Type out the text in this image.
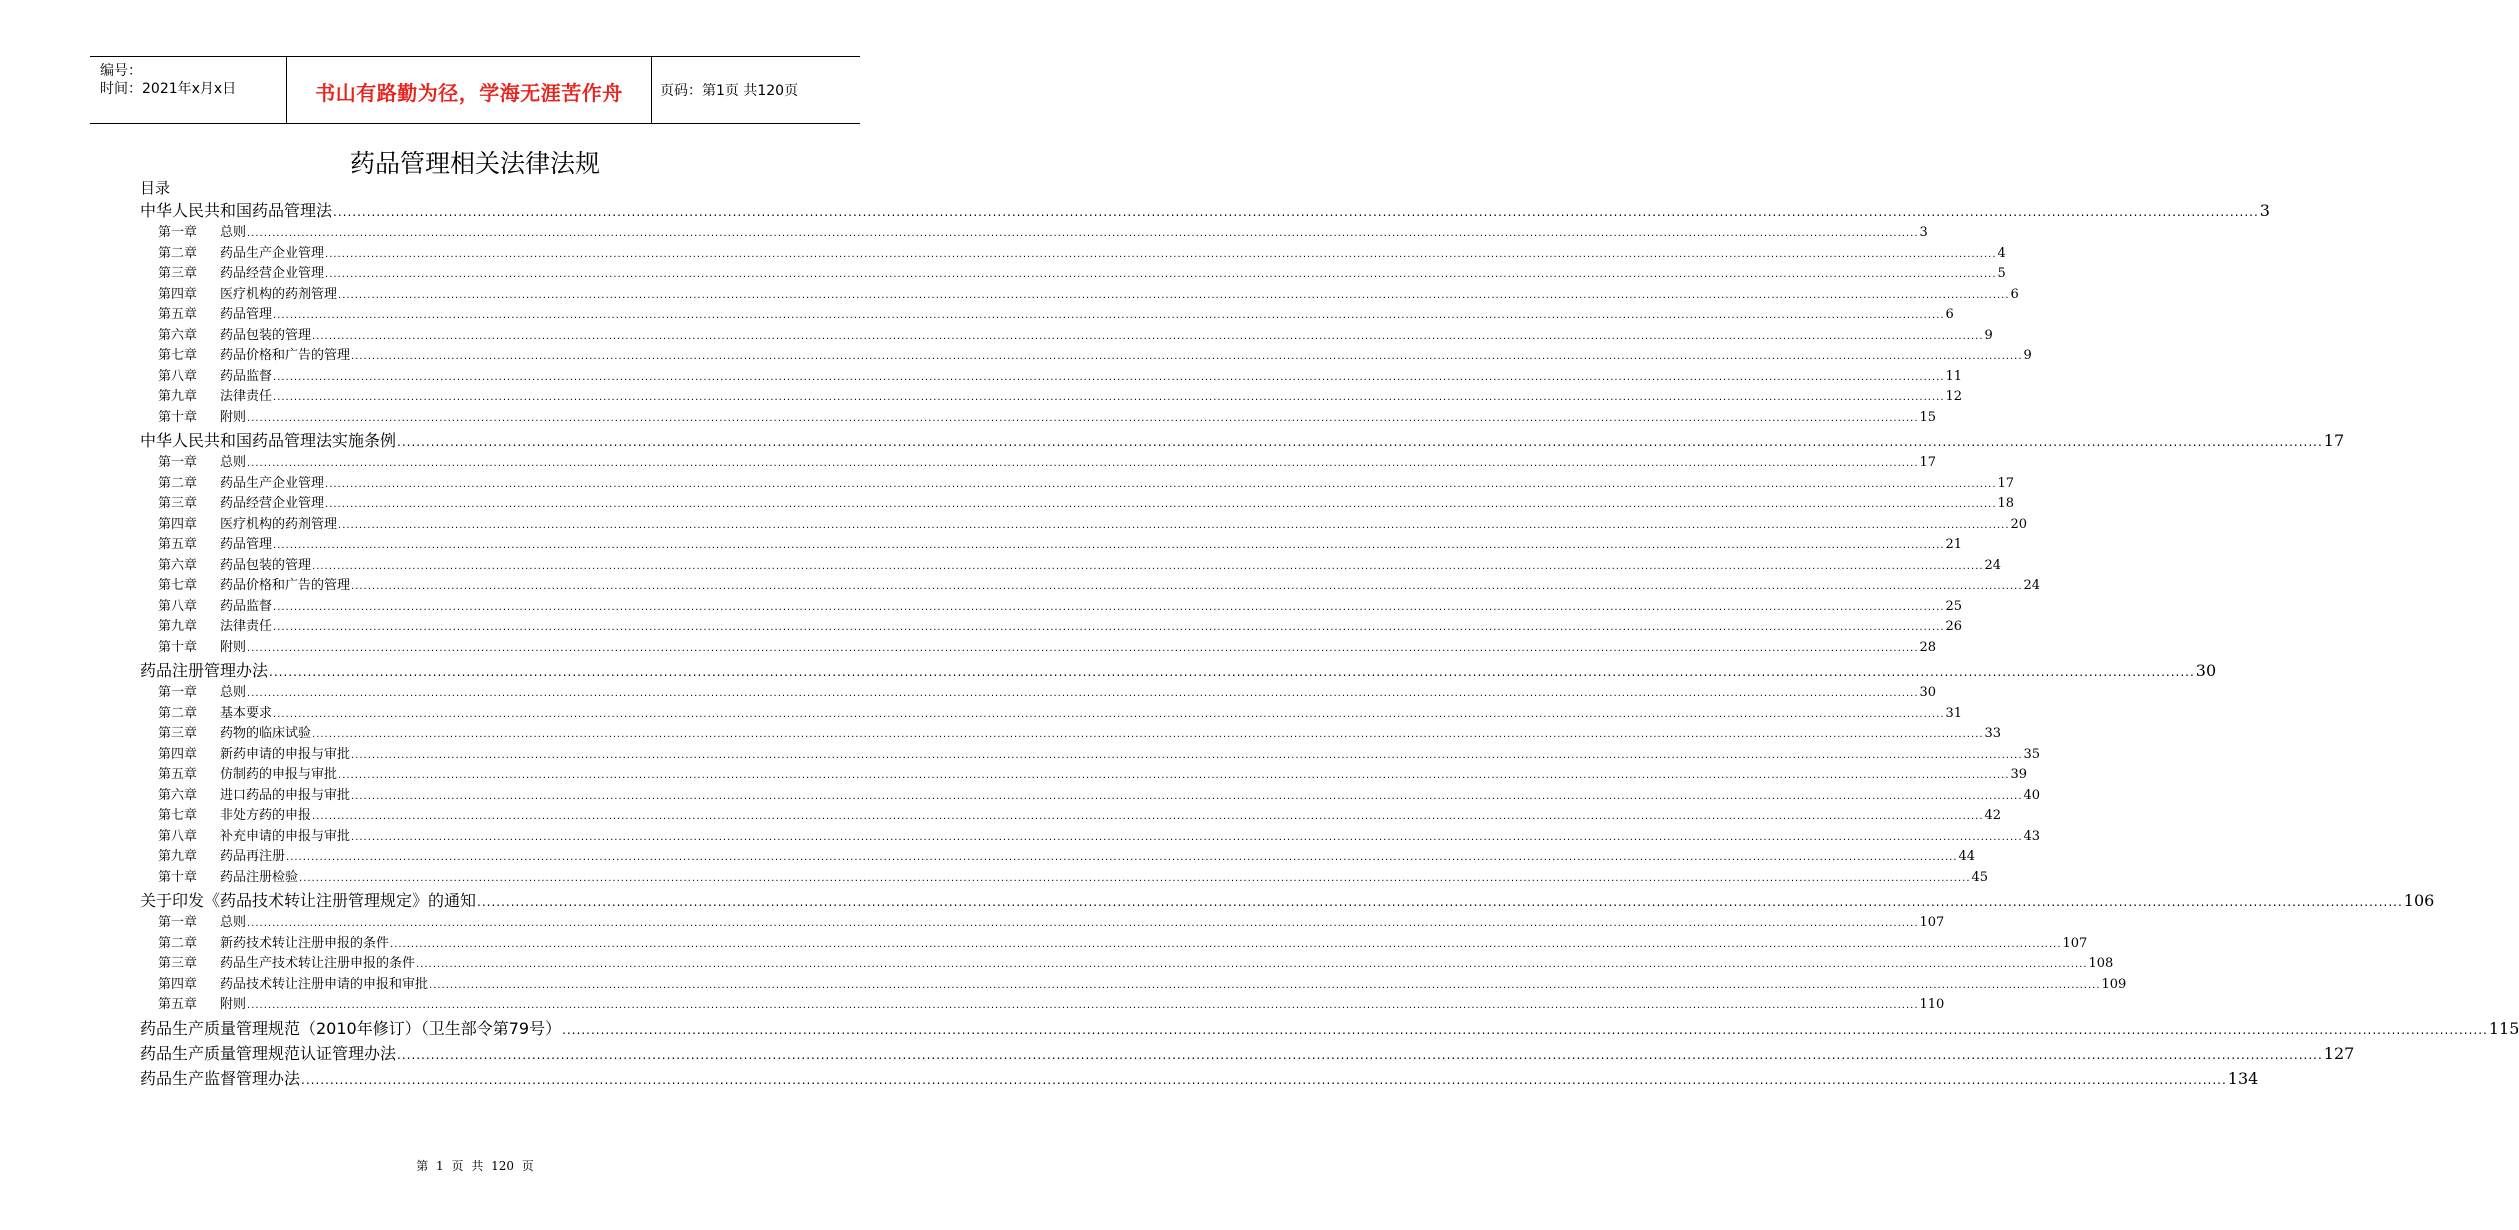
编号：
时间：2021年x月x日	书山有路勤为径，学海无涯苦作舟	页码：第1页 共120页
药品管理相关法律法规
目录
中华人民共和国药品管理法 ................................................................................................................................................................................................................................................................................................................................................................................................................ 3
第一章	总则 ................................................................................................................................................................................................................................................................................................................................................................................................................ 3
第二章	药品生产企业管理 ................................................................................................................................................................................................................................................................................................................................................................................................................ 4
第三章	药品经营企业管理 ................................................................................................................................................................................................................................................................................................................................................................................................................ 5
第四章	医疗机构的药剂管理 ................................................................................................................................................................................................................................................................................................................................................................................................................ 6
第五章	药品管理 ................................................................................................................................................................................................................................................................................................................................................................................................................ 6
第六章	药品包装的管理 ................................................................................................................................................................................................................................................................................................................................................................................................................ 9
第七章	药品价格和广告的管理 ................................................................................................................................................................................................................................................................................................................................................................................................................ 9
第八章	药品监督 ................................................................................................................................................................................................................................................................................................................................................................................................................ 11
第九章	法律责任 ................................................................................................................................................................................................................................................................................................................................................................................................................ 12
第十章	附则 ................................................................................................................................................................................................................................................................................................................................................................................................................ 15
中华人民共和国药品管理法实施条例 ................................................................................................................................................................................................................................................................................................................................................................................................................ 17
第一章	总则 ................................................................................................................................................................................................................................................................................................................................................................................................................ 17
第二章	药品生产企业管理 ................................................................................................................................................................................................................................................................................................................................................................................................................ 17
第三章	药品经营企业管理 ................................................................................................................................................................................................................................................................................................................................................................................................................ 18
第四章	医疗机构的药剂管理 ................................................................................................................................................................................................................................................................................................................................................................................................................ 20
第五章	药品管理 ................................................................................................................................................................................................................................................................................................................................................................................................................ 21
第六章	药品包装的管理 ................................................................................................................................................................................................................................................................................................................................................................................................................ 24
第七章	药品价格和广告的管理 ................................................................................................................................................................................................................................................................................................................................................................................................................ 24
第八章	药品监督 ................................................................................................................................................................................................................................................................................................................................................................................................................ 25
第九章	法律责任 ................................................................................................................................................................................................................................................................................................................................................................................................................ 26
第十章	附则 ................................................................................................................................................................................................................................................................................................................................................................................................................ 28
药品注册管理办法 ................................................................................................................................................................................................................................................................................................................................................................................................................ 30
第一章	总则 ................................................................................................................................................................................................................................................................................................................................................................................................................ 30
第二章	基本要求 ................................................................................................................................................................................................................................................................................................................................................................................................................ 31
第三章	药物的临床试验 ................................................................................................................................................................................................................................................................................................................................................................................................................ 33
第四章	新药申请的申报与审批 ................................................................................................................................................................................................................................................................................................................................................................................................................ 35
第五章	仿制药的申报与审批 ................................................................................................................................................................................................................................................................................................................................................................................................................ 39
第六章	进口药品的申报与审批 ................................................................................................................................................................................................................................................................................................................................................................................................................ 40
第七章	非处方药的申报 ................................................................................................................................................................................................................................................................................................................................................................................................................ 42
第八章	补充申请的申报与审批 ................................................................................................................................................................................................................................................................................................................................................................................................................ 43
第九章	药品再注册 ................................................................................................................................................................................................................................................................................................................................................................................................................ 44
第十章	药品注册检验 ................................................................................................................................................................................................................................................................................................................................................................................................................ 45
关于印发《药品技术转让注册管理规定》的通知 ................................................................................................................................................................................................................................................................................................................................................................................................................ 106
第一章	总则 ................................................................................................................................................................................................................................................................................................................................................................................................................ 107
第二章	新药技术转让注册申报的条件 ................................................................................................................................................................................................................................................................................................................................................................................................................ 107
第三章	药品生产技术转让注册申报的条件 ................................................................................................................................................................................................................................................................................................................................................................................................................ 108
第四章	药品技术转让注册申请的申报和审批 ................................................................................................................................................................................................................................................................................................................................................................................................................ 109
第五章	附则 ................................................................................................................................................................................................................................................................................................................................................................................................................ 110
药品生产质量管理规范（2010年修订）（卫生部令第79号） ................................................................................................................................................................................................................................................................................................................................................................................................................ 115
药品生产质量管理规范认证管理办法 ................................................................................................................................................................................................................................................................................................................................................................................................................ 127
药品生产监督管理办法 ................................................................................................................................................................................................................................................................................................................................................................................................................ 134
第 1 页 共 120 页
